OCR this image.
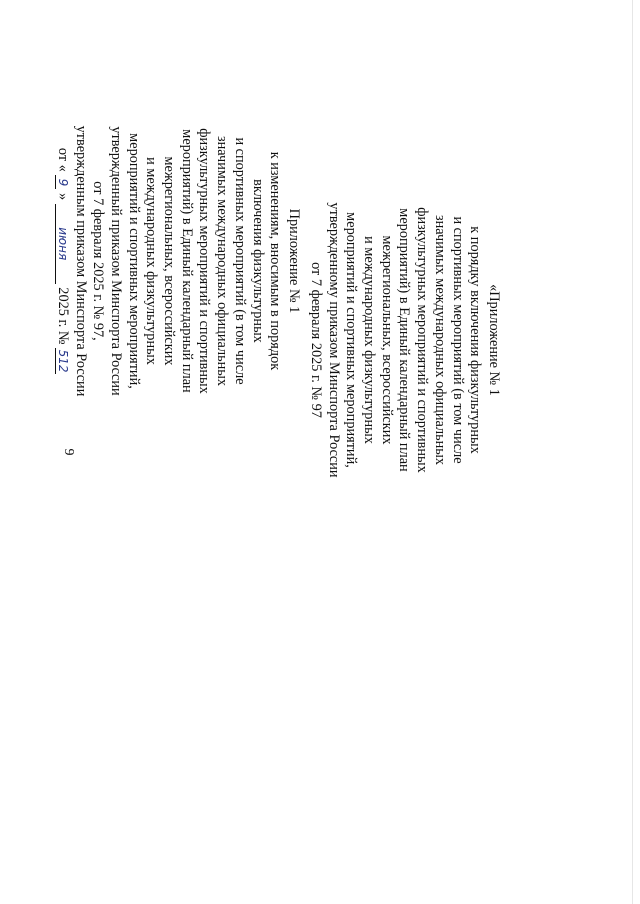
9
Приложение № 1
к изменениям, вносимым в порядок
включения физкультурных
и спортивных мероприятий (в том числе
значимых международных официальных
физкультурных мероприятий и спортивных
мероприятий) в Единый календарный план
межрегиональных, всероссийских
и международных физкультурных
мероприятий и спортивных мероприятий,
утвержденный приказом Минспорта России
от 7 февраля 2025 г. № 97,
утвержденным приказом Минспорта России
от « 9 » июня 2025 г. № 512	«Приложение № 1
к порядку включения физкультурных
и спортивных мероприятий (в том числе
значимых международных официальных
физкультурных мероприятий и спортивных
мероприятий) в Единый календарный план
межрегиональных, всероссийских
и международных физкультурных
мероприятий и спортивных мероприятий,
утвержденному приказом Минспорта России
от 7 февраля 2025 г. № 97
